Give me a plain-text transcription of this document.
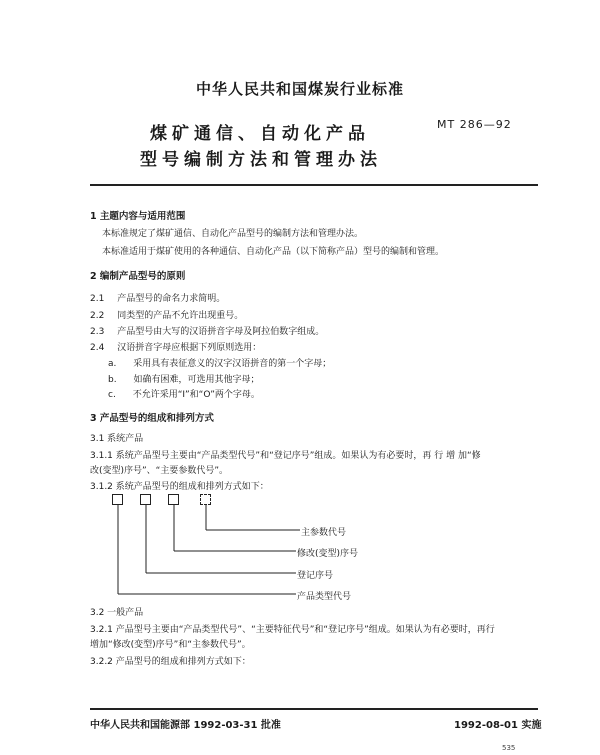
中华人民共和国煤炭行业标准
煤矿通信、自动化产品
型号编制方法和管理办法
MT 286—92
1 主题内容与适用范围
本标准规定了煤矿通信、自动化产品型号的编制方法和管理办法。
本标准适用于煤矿使用的各种通信、自动化产品（以下简称产品）型号的编制和管理。
2 编制产品型号的原则
2.1 产品型号的命名力求简明。
2.2 同类型的产品不允许出现重号。
2.3 产品型号由大写的汉语拼音字母及阿拉伯数字组成。
2.4 汉语拼音字母应根据下列原则选用：
a. 采用具有表征意义的汉字汉语拼音的第一个字母；
b. 如确有困难，可选用其他字母；
c. 不允许采用“I”和“O”两个字母。
3 产品型号的组成和排列方式
3.1 系统产品
3.1.1 系统产品型号主要由“产品类型代号”和“登记序号”组成。如果认为有必要时，再 行 增 加“修
改(变型)序号”、“主要参数代号”。
3.1.2 系统产品型号的组成和排列方式如下：
主参数代号
修改(变型)序号
登记序号
产品类型代号
3.2 一般产品
3.2.1 产品型号主要由“产品类型代号”、“主要特征代号”和“登记序号”组成。如果认为有必要时，再行
增加“修改(变型)序号”和“主参数代号”。
3.2.2 产品型号的组成和排列方式如下：
中华人民共和国能源部 1992-03-31 批准	1992-08-01 实施
535
